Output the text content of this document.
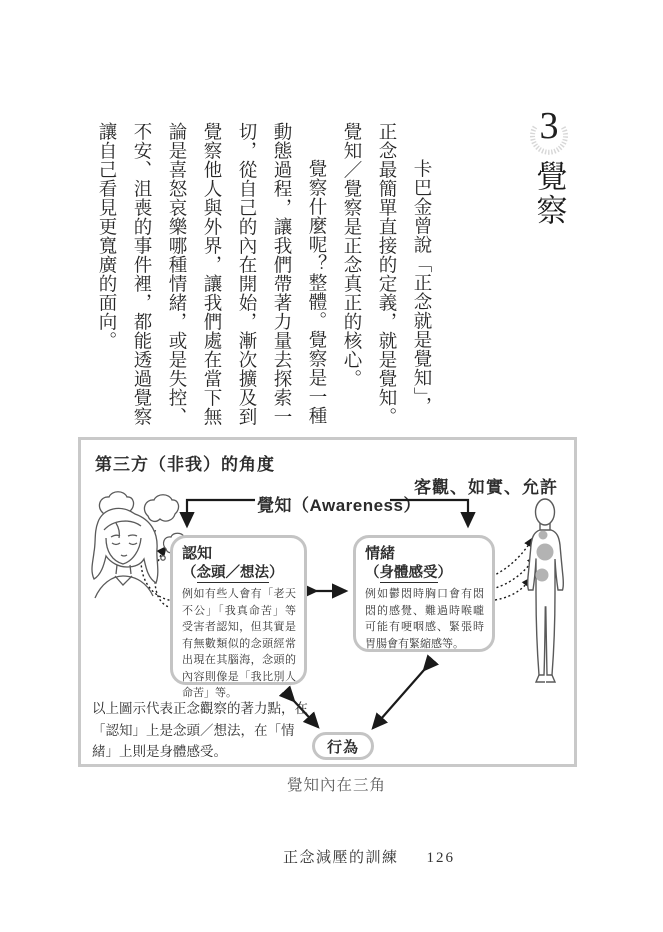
3
覺察

卡巴金曾說「正念就是覺知」，

正念最簡單直接的定義，就是覺知。

覺知／覺察是正念真正的核心。

覺察什麼呢？整體。覺察是一種

動態過程，讓我們帶著力量去探索一

切，從自己的內在開始，漸次擴及到

覺察他人與外界，讓我們處在當下無

論是喜怒哀樂哪種情緒，或是失控、

不安、沮喪的事件裡，都能透過覺察

讓自己看見更寬廣的面向。

第三方（非我）的角度
客觀、如實、允許
覺知（Awareness）
認知
（念頭／想法）
例如有些人會有「老天不公」「我真命苦」等受害者認知，但其實是有無數類似的念頭經常出現在其腦海，念頭的內容則像是「我比別人命苦」等。
情緒
（身體感受）
例如鬱悶時胸口會有悶悶的感覺、難過時喉嚨可能有哽咽感、緊張時胃腸會有緊縮感等。
行為
以上圖示代表正念觀察的著力點，在「認知」上是念頭／想法，在「情緒」上則是身體感受。
覺知內在三角
正念減壓的訓練 126
